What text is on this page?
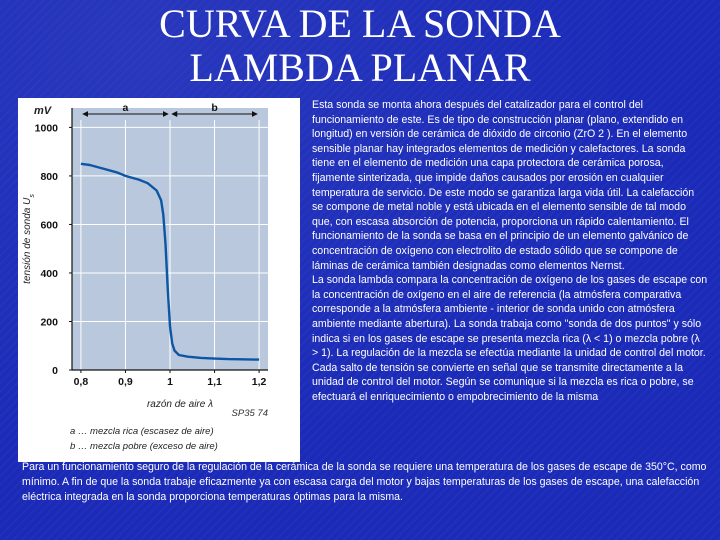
CURVA DE LA SONDA
LAMBDA PLANAR
a	b
0
200
400
600
800
1000
0,8	0,9	1	1,1	1,2
mV
razón de aire λ
tensión de sonda $U_s$
SP35 74
a … mezcla rica (escasez de aire)
b … mezcla pobre (exceso de aire)

Esta sonda se monta ahora después del catalizador para el control del funcionamiento de este. Es de tipo de construcción planar (plano, extendido en longitud) en versión de cerámica de dióxido de circonio (ZrO 2 ). En el elemento sensible planar hay integrados elementos de medición y calefactores. La sonda tiene en el elemento de medición una capa protectora de cerámica porosa, fijamente sinterizada, que impide daños causados por erosión en cualquier temperatura de servicio. De este modo se garantiza larga vida útil. La calefacción se compone de metal noble y está ubicada en el elemento sensible de tal modo que, con escasa absorción de potencia, proporciona un rápido calentamiento. El funcionamiento de la sonda se basa en el principio de un elemento galvánico de concentración de oxígeno con electrolito de estado sólido que se compone de láminas de cerámica también designadas como elementos Nernst.

La sonda lambda compara la concentración de oxígeno de los gases de escape con la concentración de oxígeno en el aire de referencia (la atmósfera comparativa corresponde a la atmósfera ambiente - interior de sonda unido con atmósfera ambiente mediante abertura). La sonda trabaja como "sonda de dos puntos" y sólo indica si en los gases de escape se presenta mezcla rica (λ < 1) o mezcla pobre (λ > 1). La regulación de la mezcla se efectúa mediante la unidad de control del motor. Cada salto de tensión se convierte en señal que se transmite directamente a la unidad de control del motor. Según se comunique si la mezcla es rica o pobre, se efectuará el enriquecimiento o empobrecimiento de la misma

Para un funcionamiento seguro de la regulación de la cerámica de la sonda se requiere una temperatura de los gases de escape de 350°C, como mínimo. A fin de que la sonda trabaje eficazmente ya con escasa carga del motor y bajas temperaturas de los gases de escape, una calefacción eléctrica integrada en la sonda proporciona temperaturas óptimas para la misma.
